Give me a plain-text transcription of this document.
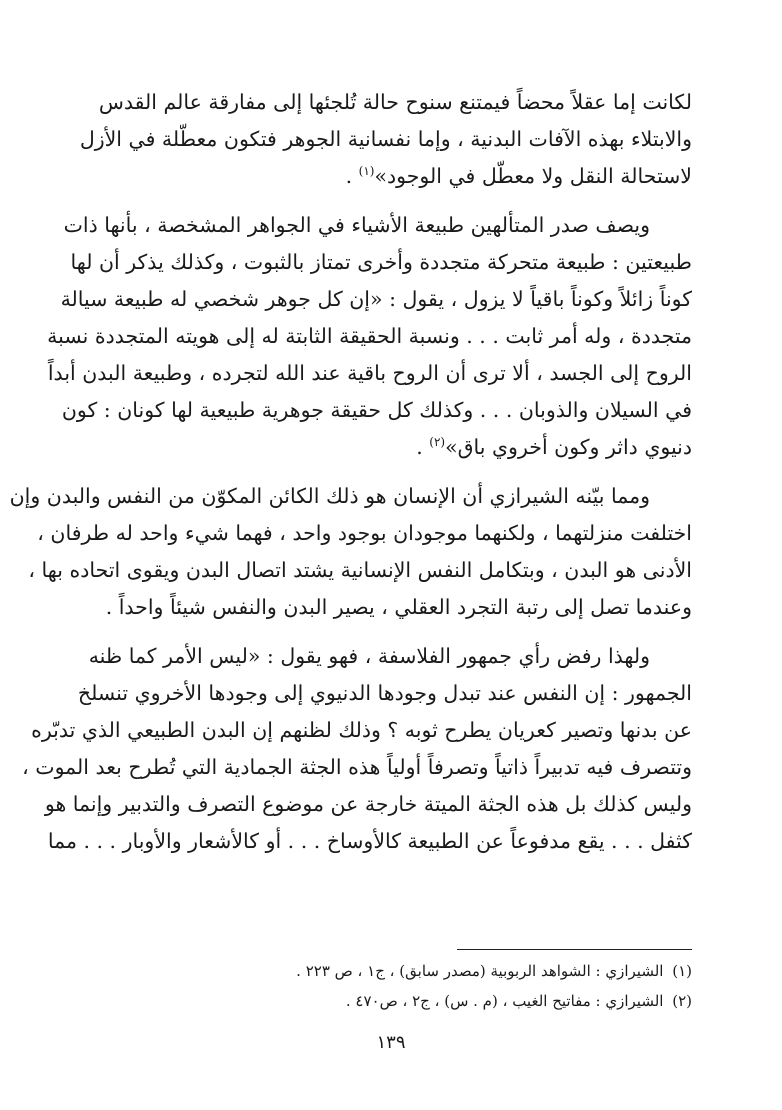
لكانت إما عقلاً محضاً فيمتنع سنوح حالة تُلجئها إلى مفارقة عالم القدس
والابتلاء بهذه الآفات البدنية ، وإما نفسانية الجوهر فتكون معطّلة في الأزل
لاستحالة النقل ولا معطّل في الوجود»$^{(١)}$ .

ويصف صدر المتألهين طبيعة الأشياء في الجواهر المشخصة ، بأنها ذات
طبيعتين : طبيعة متحركة متجددة وأخرى تمتاز بالثبوت ، وكذلك يذكر أن لها
كوناً زائلاً وكوناً باقياً لا يزول ، يقول : «إن كل جوهر شخصي له طبيعة سيالة
متجددة ، وله أمر ثابت . . . ونسبة الحقيقة الثابتة له إلى هويته المتجددة نسبة
الروح إلى الجسد ، ألا ترى أن الروح باقية عند الله لتجرده ، وطبيعة البدن أبداً
في السيلان والذوبان . . . وكذلك كل حقيقة جوهرية طبيعية لها كونان : كون
دنيوي داثر وكون أخروي باق»$^{(٢)}$ .

ومما بيّنه الشيرازي أن الإنسان هو ذلك الكائن المكوّن من النفس والبدن وإن
اختلفت منزلتهما ، ولكنهما موجودان بوجود واحد ، فهما شيء واحد له طرفان ،
الأدنى هو البدن ، وبتكامل النفس الإنسانية يشتد اتصال البدن ويقوى اتحاده بها ،
وعندما تصل إلى رتبة التجرد العقلي ، يصير البدن والنفس شيئاً واحداً .

ولهذا رفض رأي جمهور الفلاسفة ، فهو يقول : «ليس الأمر كما ظنه
الجمهور : إن النفس عند تبدل وجودها الدنيوي إلى وجودها الأخروي تنسلخ
عن بدنها وتصير كعريان يطرح ثوبه ؟ وذلك لظنهم إن البدن الطبيعي الذي تدبّره
وتتصرف فيه تدبيراً ذاتياً وتصرفاً أولياً هذه الجثة الجمادية التي تُطرح بعد الموت ،
وليس كذلك بل هذه الجثة الميتة خارجة عن موضوع التصرف والتدبير وإنما هو
كثفل . . . يقع مدفوعاً عن الطبيعة كالأوساخ . . . أو كالأشعار والأوبار . . . مما

(١) الشيرازي : الشواهد الربوبية (مصدر سابق) ، ج١ ، ص ٢٢٣ .

(٢) الشيرازي : مفاتيح الغيب ، (م . س) ، ج٢ ، ص٤٧٠ .

١٣٩
